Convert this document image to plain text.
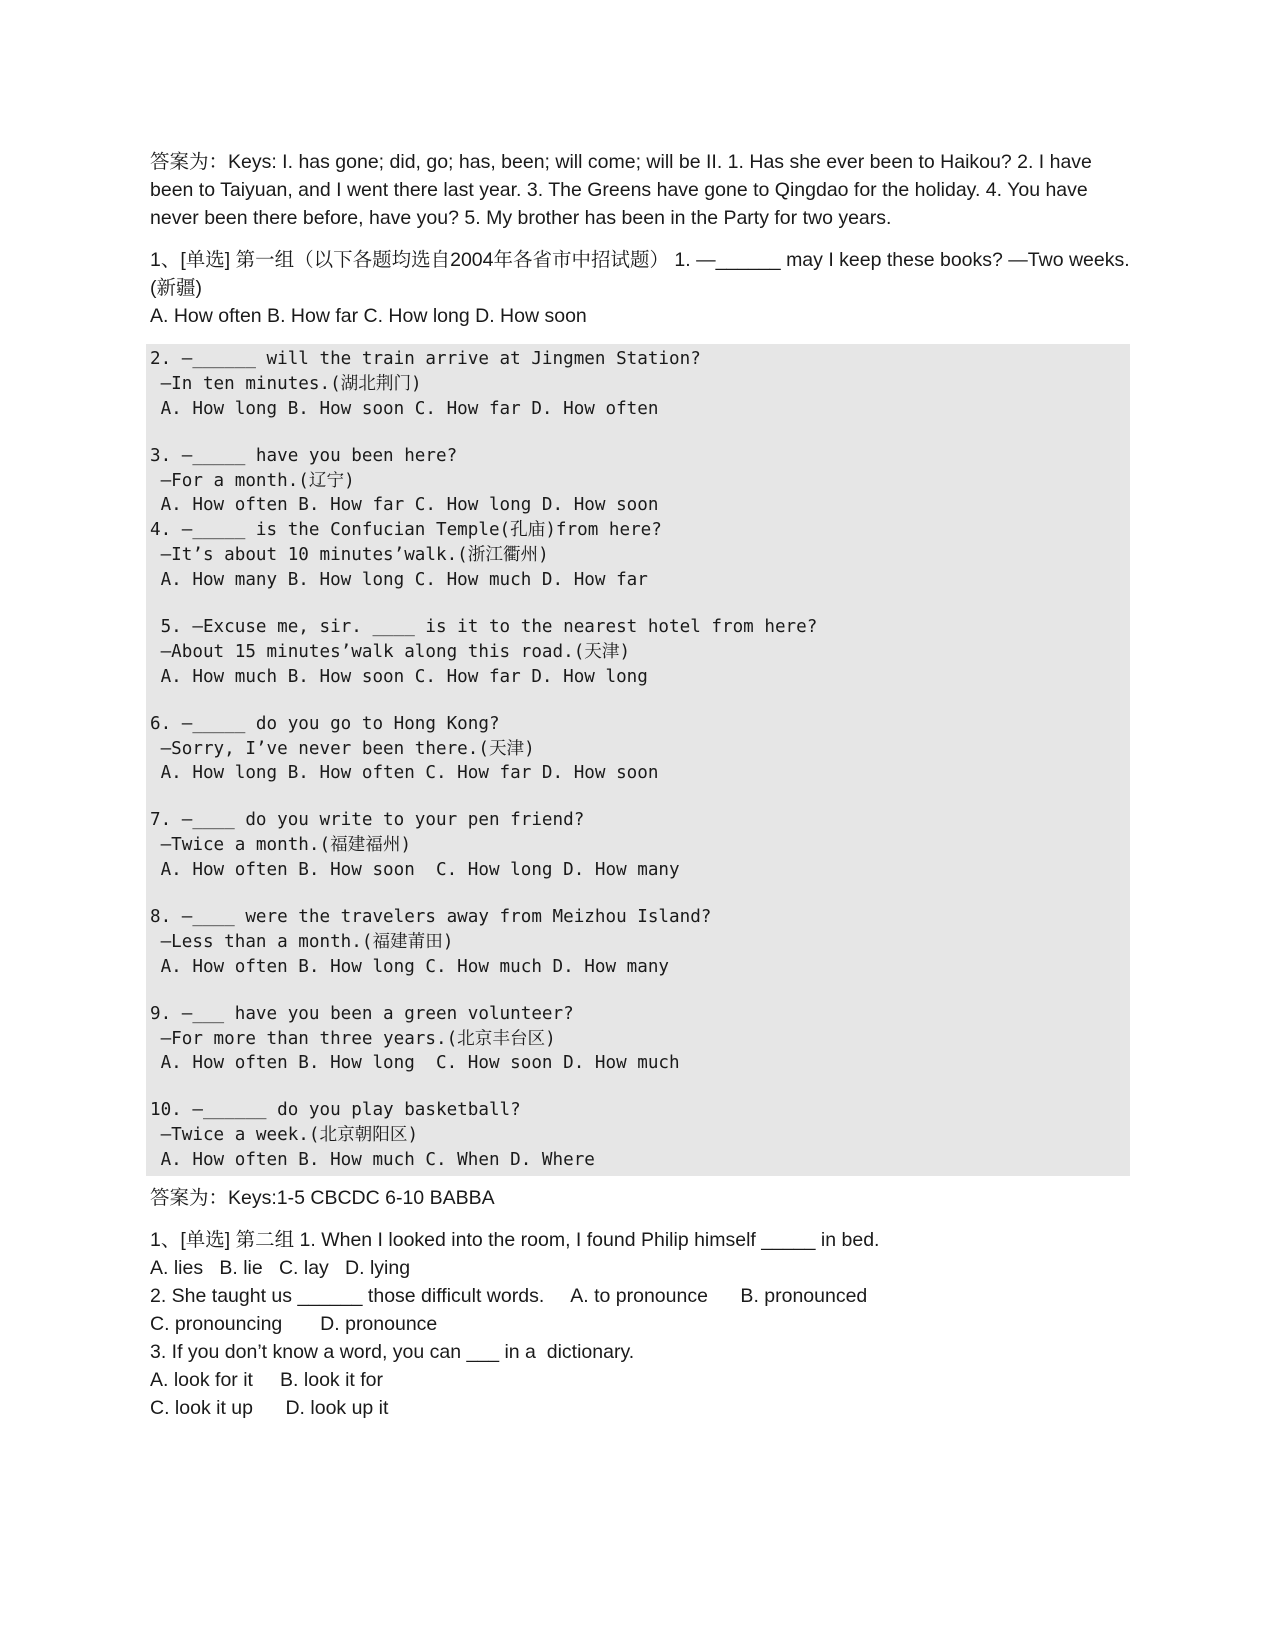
答案为：Keys: I. has gone; did, go; has, been; will come; will be II. 1. Has she ever been to Haikou? 2. I have been to Taiyuan, and I went there last year. 3. The Greens have gone to Qingdao for the holiday. 4. You have never been there before, have you? 5. My brother has been in the Party for two years.

1、[单选] 第一组（以下各题均选自2004年各省市中招试题） 1. —______ may I keep these books? —Two weeks.(新疆)

A. How often B. How far C. How long D. How soon

2. —______ will the train arrive at Jingmen Station?
—In ten minutes.(湖北荆门)
A. How long B. How soon C. How far D. How often
3. —_____ have you been here?
—For a month.(辽宁)
A. How often B. How far C. How long D. How soon
4. —_____ is the Confucian Temple(孔庙)from here?
—It’s about 10 minutes’walk.(浙江衢州)
A. How many B. How long C. How much D. How far
5. —Excuse me, sir. ____ is it to the nearest hotel from here?
—About 15 minutes’walk along this road.(天津)
A. How much B. How soon C. How far D. How long
6. —_____ do you go to Hong Kong?
—Sorry, I’ve never been there.(天津)
A. How long B. How often C. How far D. How soon
7. —____ do you write to your pen friend?
—Twice a month.(福建福州)
A. How often B. How soon  C. How long D. How many
8. —____ were the travelers away from Meizhou Island?
—Less than a month.(福建莆田)
A. How often B. How long C. How much D. How many
9. —___ have you been a green volunteer?
—For more than three years.(北京丰台区)
A. How often B. How long  C. How soon D. How much
10. —______ do you play basketball?
—Twice a week.(北京朝阳区)
A. How often B. How much C. When D. Where

答案为：Keys:1-5 CBCDC 6-10 BABBA

1、[单选] 第二组 1. When I looked into the room, I found Philip himself _____ in bed.

A. lies   B. lie   C. lay   D. lying

2. She taught us ______ those difficult words.     A. to pronounce      B. pronounced

C. pronouncing       D. pronounce

3. If you don’t know a word, you can ___ in a  dictionary.

A. look for it     B. look it for

C. look it up      D. look up it
